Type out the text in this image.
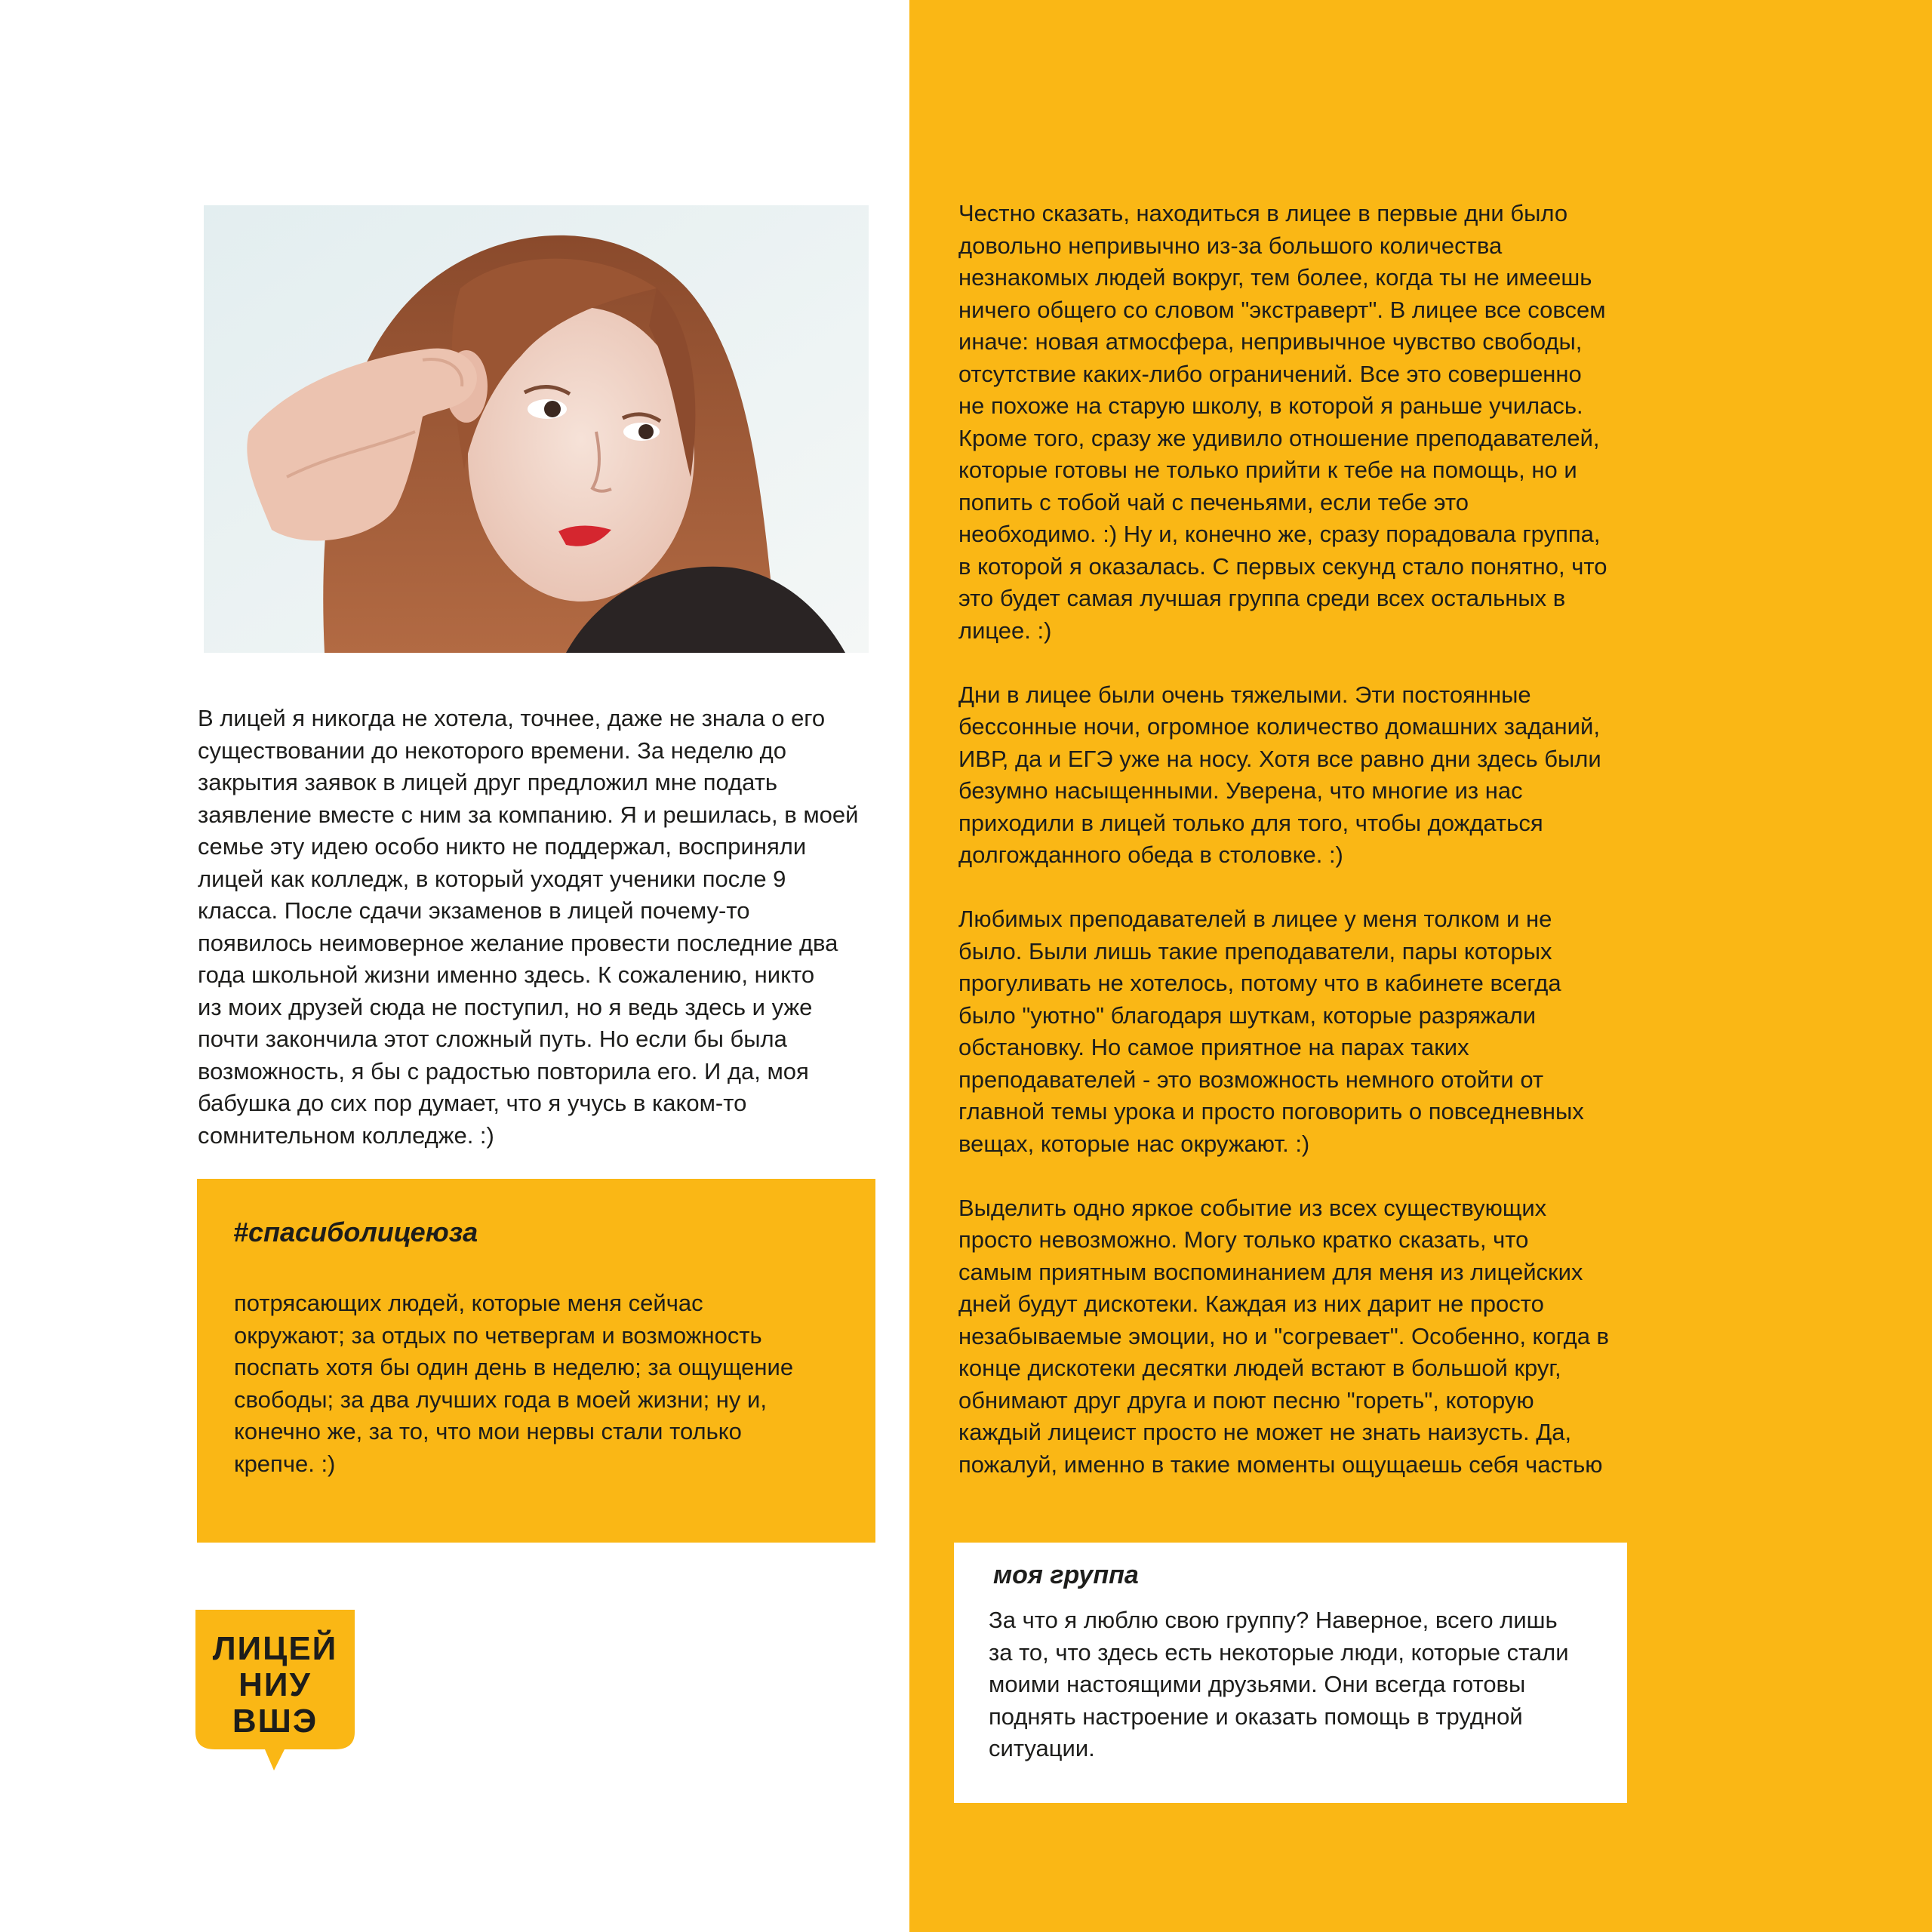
В лицей я никогда не хотела, точнее, даже не знала о его
существовании до некоторого времени. За неделю до
закрытия заявок в лицей друг предложил мне подать
заявление вместе с ним за компанию. Я и решилась, в моей
семье эту идею особо никто не поддержал, восприняли
лицей как колледж, в который уходят ученики после 9
класса. После сдачи экзаменов в лицей почему-то
появилось неимоверное желание провести последние два
года школьной жизни именно здесь. К сожалению, никто
из моих друзей сюда не поступил, но я ведь здесь и уже
почти закончила этот сложный путь. Но если бы была
возможность, я бы с радостью повторила его. И да, моя
бабушка до сих пор думает, что я учусь в каком-то
сомнительном колледже. :)

#спасиболицеюза

потрясающих людей, которые меня сейчас
окружают; за отдых по четвергам и возможность
поспать хотя бы один день в неделю; за ощущение
свободы; за два лучших года в моей жизни; ну и,
конечно же, за то, что мои нервы стали только
крепче. :)

ЛИЦЕЙ
НИУ
ВШЭ

Честно сказать, находиться в лицее в первые дни было
довольно непривычно из-за большого количества
незнакомых людей вокруг, тем более, когда ты не имеешь
ничего общего со словом "экстраверт". В лицее все совсем
иначе: новая атмосфера, непривычное чувство свободы,
отсутствие каких-либо ограничений. Все это совершенно
не похоже на старую школу, в которой я раньше училась.
Кроме того, сразу же удивило отношение преподавателей,
которые готовы не только прийти к тебе на помощь, но и
попить с тобой чай с печеньями, если тебе это
необходимо. :) Ну и, конечно же, сразу порадовала группа,
в которой я оказалась. С первых секунд стало понятно, что
это будет самая лучшая группа среди всех остальных в
лицее. :)

Дни в лицее были очень тяжелыми. Эти постоянные
бессонные ночи, огромное количество домашних заданий,
ИВР, да и ЕГЭ уже на носу. Хотя все равно дни здесь были
безумно насыщенными. Уверена, что многие из нас
приходили в лицей только для того, чтобы дождаться
долгожданного обеда в столовке. :)

Любимых преподавателей в лицее у меня толком и не
было. Были лишь такие преподаватели, пары которых
прогуливать не хотелось, потому что в кабинете всегда
было "уютно" благодаря шуткам, которые разряжали
обстановку. Но самое приятное на парах таких
преподавателей - это возможность немного отойти от
главной темы урока и просто поговорить о повседневных
вещах, которые нас окружают. :)

Выделить одно яркое событие из всех существующих
просто невозможно. Могу только кратко сказать, что
самым приятным воспоминанием для меня из лицейских
дней будут дискотеки. Каждая из них дарит не просто
незабываемые эмоции, но и "согревает". Особенно, когда в
конце дискотеки десятки людей встают в большой круг,
обнимают друг друга и поют песню "гореть", которую
каждый лицеист просто не может не знать наизусть. Да,
пожалуй, именно в такие моменты ощущаешь себя частью

моя группа

За что я люблю свою группу? Наверное, всего лишь
за то, что здесь есть некоторые люди, которые стали
моими настоящими друзьями. Они всегда готовы
поднять настроение и оказать помощь в трудной
ситуации.
